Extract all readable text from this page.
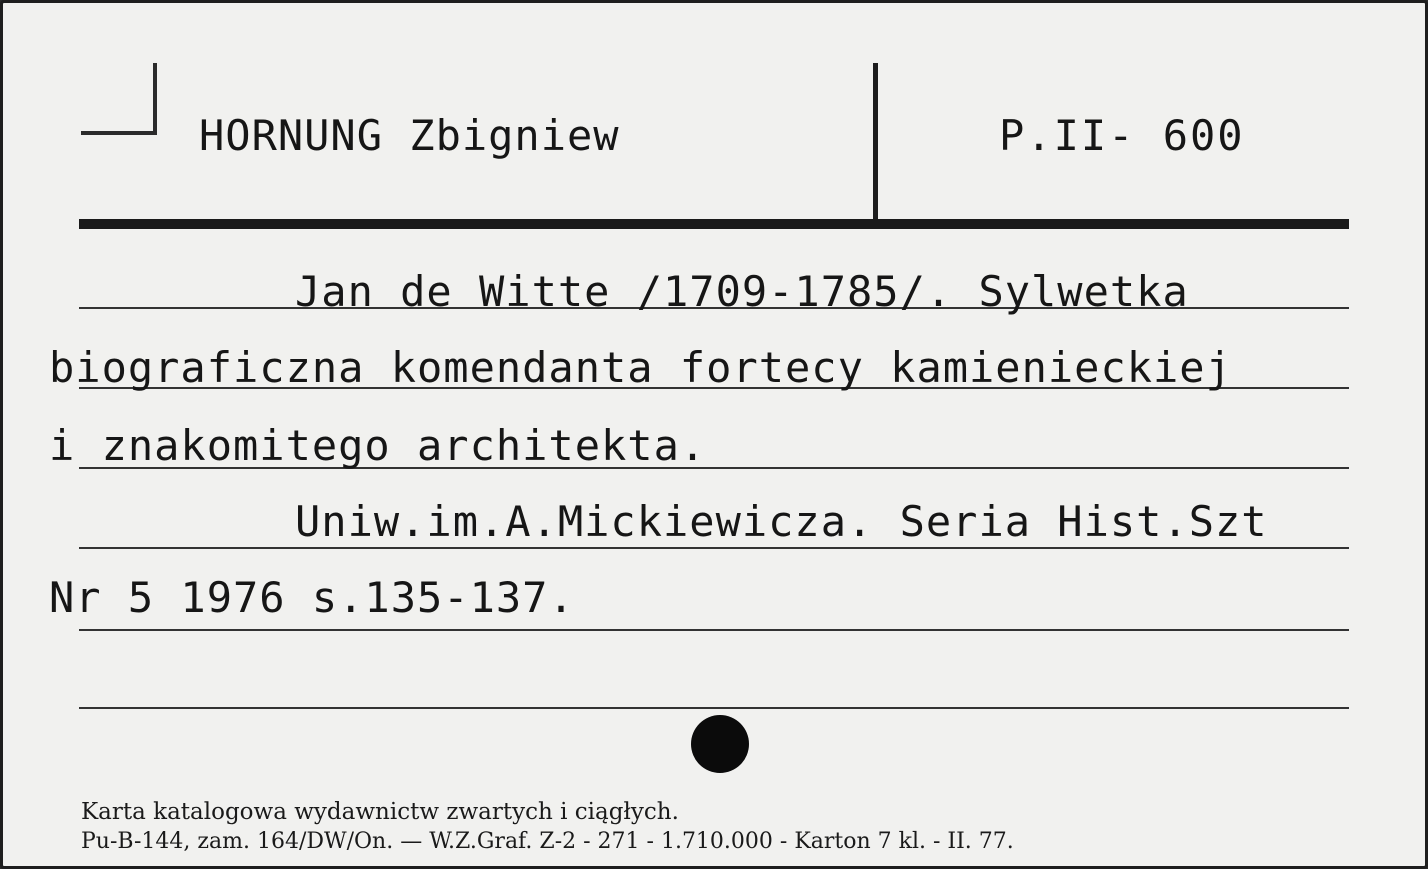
HORNUNG Zbigniew	P.II- 600
Jan de Witte /1709-1785/. Sylwetka
biograficzna komendanta fortecy kamienieckiej
i znakomitego architekta.
Uniw.im.A.Mickiewicza. Seria Hist.Szt
Nr 5 1976 s.135-137.
Karta katalogowa wydawnictw zwartych i ciągłych.
Pu-B-144, zam. 164/DW/On. — W.Z.Graf. Z-2 - 271 - 1.710.000 - Karton 7 kl. - II. 77.
